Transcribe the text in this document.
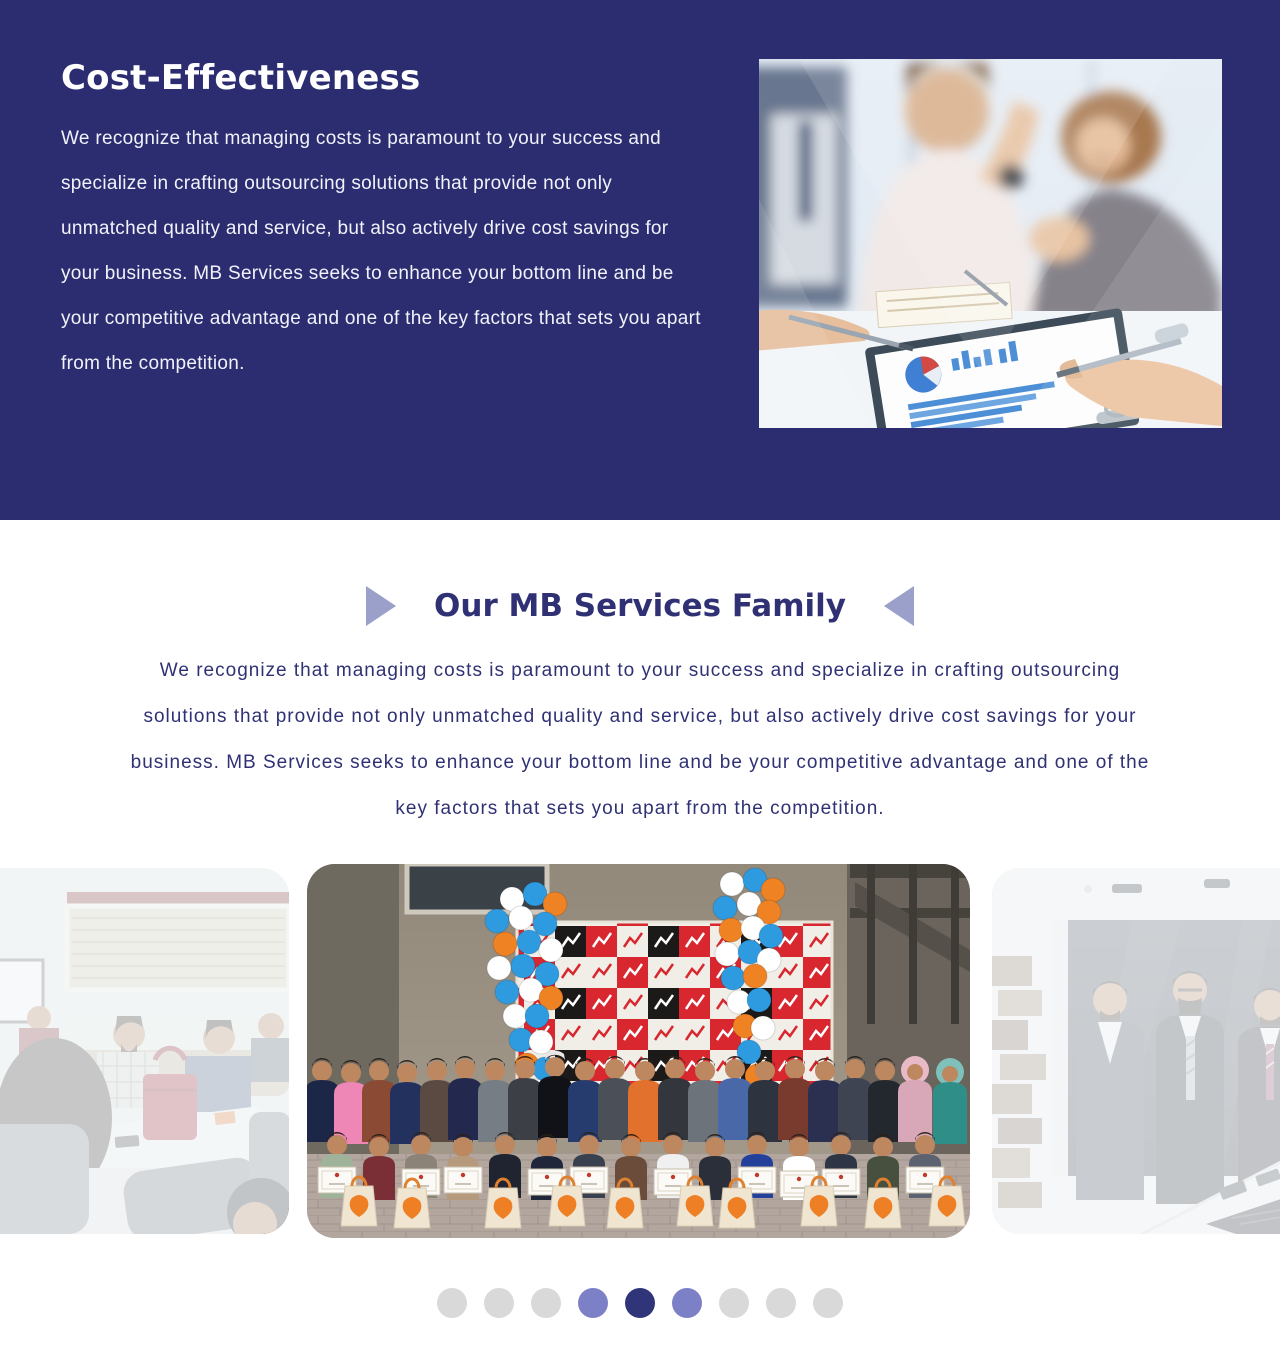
Cost-Effectiveness

We recognize that managing costs is paramount to your success and specialize in crafting outsourcing solutions that provide not only unmatched quality and service, but also actively drive cost savings for your business. MB Services seeks to enhance your bottom line and be your competitive advantage and one of the key factors that sets you apart from the competition.

Our MB Services Family

We recognize that managing costs is paramount to your success and specialize in crafting outsourcing solutions that provide not only unmatched quality and service, but also actively drive cost savings for your business. MB Services seeks to enhance your bottom line and be your competitive advantage and one of the key factors that sets you apart from the competition.
